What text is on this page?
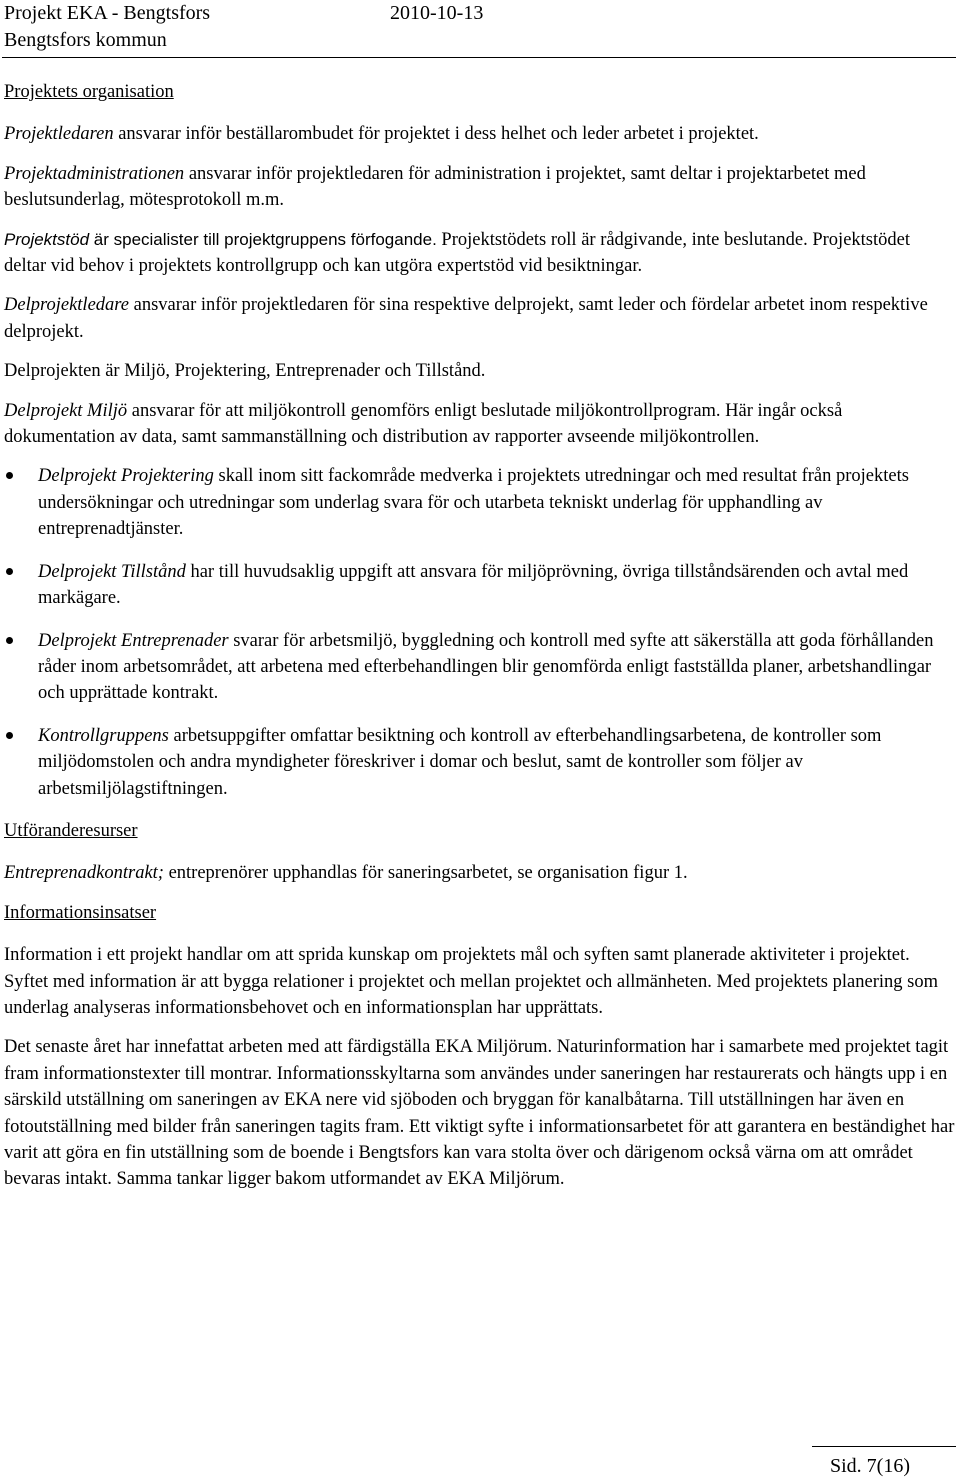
Projekt EKA - Bengtsfors	2010-10-13
Bengtsfors kommun

Projektets organisation

Projektledaren ansvarar inför beställarombudet för projektet i dess helhet och leder arbetet i projektet.

Projektadministrationen ansvarar inför projektledaren för administration i projektet, samt deltar i projektarbetet med beslutsunderlag, mötesprotokoll m.m.

Projektstöd är specialister till projektgruppens förfogande. Projektstödets roll är rådgivande, inte beslutande. Projektstödet deltar vid behov i projektets kontrollgrupp och kan utgöra expertstöd vid besiktningar.

Delprojektledare ansvarar inför projektledaren för sina respektive delprojekt, samt leder och fördelar arbetet inom respektive delprojekt.

Delprojekten är Miljö, Projektering, Entreprenader och Tillstånd.

Delprojekt Miljö ansvarar för att miljökontroll genomförs enligt beslutade miljökontrollprogram. Här ingår också dokumentation av data, samt sammanställning och distribution av rapporter avseende miljökontrollen.

Delprojekt Projektering skall inom sitt fackområde medverka i projektets utredningar och med resultat från projektets undersökningar och utredningar som underlag svara för och utarbeta tekniskt underlag för upphandling av entreprenadtjänster.
Delprojekt Tillstånd har till huvudsaklig uppgift att ansvara för miljöprövning, övriga tillståndsärenden och avtal med markägare.
Delprojekt Entreprenader svarar för arbetsmiljö, byggledning och kontroll med syfte att säkerställa att goda förhållanden råder inom arbetsområdet, att arbetena med efterbehandlingen blir genomförda enligt fastställda planer, arbetshandlingar och upprättade kontrakt.
Kontrollgruppens arbetsuppgifter omfattar besiktning och kontroll av efterbehandlingsarbetena, de kontroller som miljödomstolen och andra myndigheter föreskriver i domar och beslut, samt de kontroller som följer av arbetsmiljölagstiftningen.

Utföranderesurser

Entreprenadkontrakt; entreprenörer upphandlas för saneringsarbetet, se organisation figur 1.

Informationsinsatser

Information i ett projekt handlar om att sprida kunskap om projektets mål och syften samt planerade aktiviteter i projektet. Syftet med information är att bygga relationer i projektet och mellan projektet och allmänheten. Med projektets planering som underlag analyseras informationsbehovet och en informationsplan har upprättats.

Det senaste året har innefattat arbeten med att färdigställa EKA Miljörum. Naturinformation har i samarbete med projektet tagit fram informationstexter till montrar. Informationsskyltarna som användes under saneringen har restaurerats och hängts upp i en särskild utställning om saneringen av EKA nere vid sjöboden och bryggan för kanalbåtarna. Till utställningen har även en fotoutställning med bilder från saneringen tagits fram. Ett viktigt syfte i informationsarbetet för att garantera en beständighet har varit att göra en fin utställning som de boende i Bengtsfors kan vara stolta över och därigenom också värna om att området bevaras intakt. Samma tankar ligger bakom utformandet av EKA Miljörum.

Sid. 7(16)
